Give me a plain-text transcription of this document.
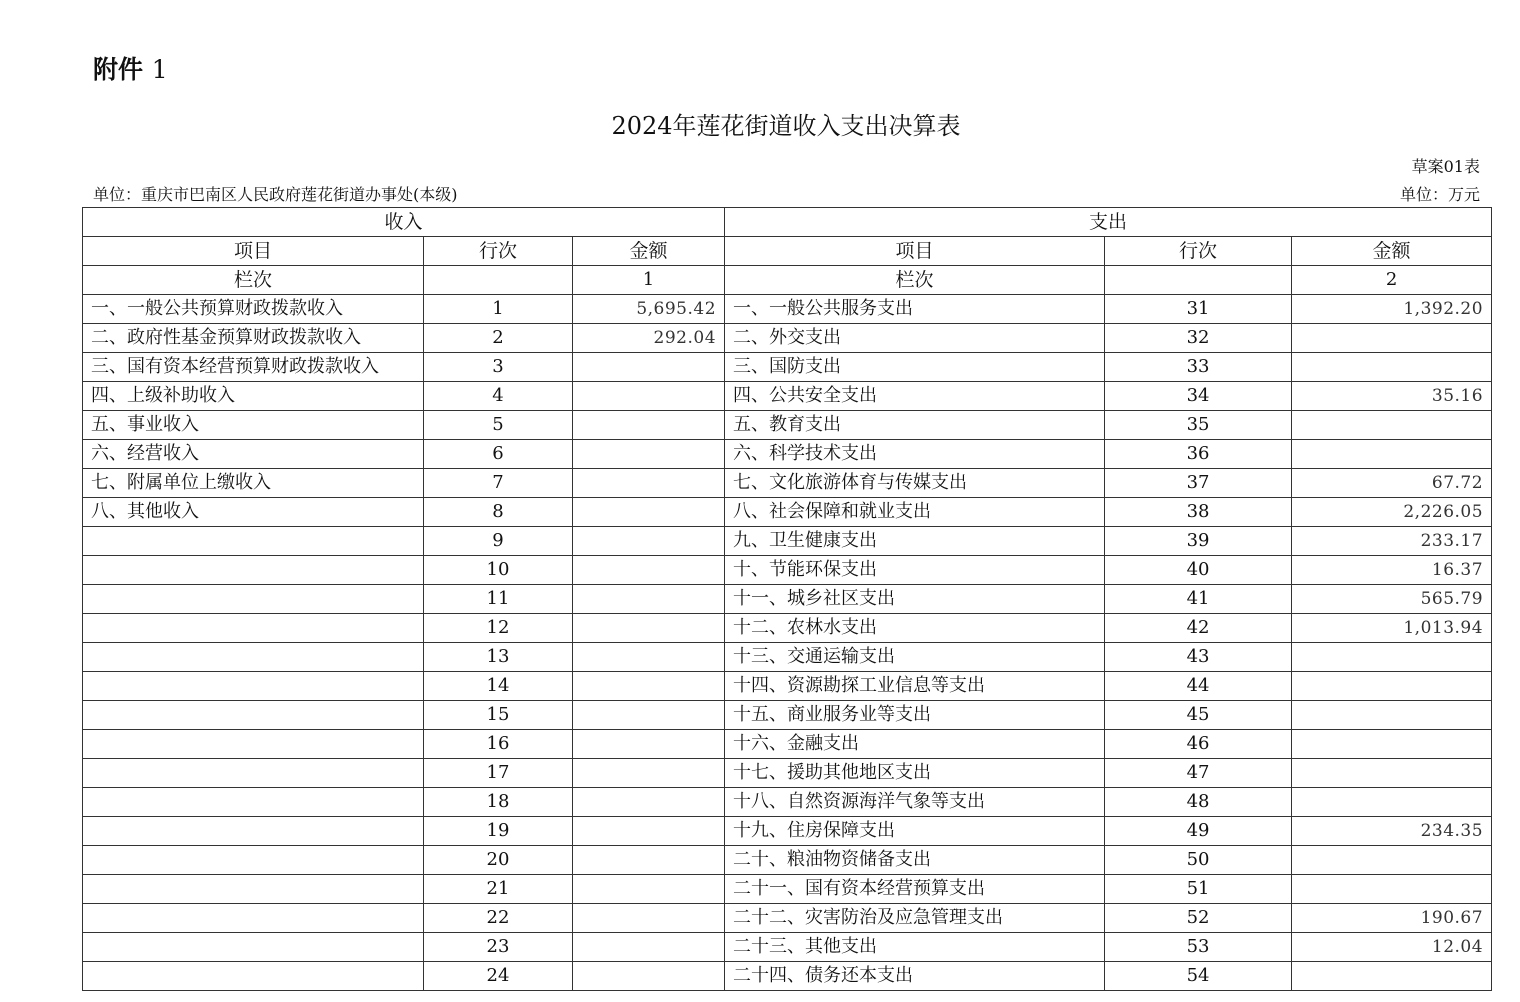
附件 1
2024年莲花街道收入支出决算表
草案01表
单位：重庆市巴南区人民政府莲花街道办事处(本级)	单位：万元
收入			支出		
项目	行次	金额	项目	行次	金额
栏次		1	栏次		2
一、一般公共预算财政拨款收入	1	5,695.42	一、一般公共服务支出	31	1,392.20
二、政府性基金预算财政拨款收入	2	292.04	二、外交支出	32	
三、国有资本经营预算财政拨款收入	3		三、国防支出	33	
四、上级补助收入	4		四、公共安全支出	34	35.16
五、事业收入	5		五、教育支出	35	
六、经营收入	6		六、科学技术支出	36	
七、附属单位上缴收入	7		七、文化旅游体育与传媒支出	37	67.72
八、其他收入	8		八、社会保障和就业支出	38	2,226.05
	9		九、卫生健康支出	39	233.17
	10		十、节能环保支出	40	16.37
	11		十一、城乡社区支出	41	565.79
	12		十二、农林水支出	42	1,013.94
	13		十三、交通运输支出	43	
	14		十四、资源勘探工业信息等支出	44	
	15		十五、商业服务业等支出	45	
	16		十六、金融支出	46	
	17		十七、援助其他地区支出	47	
	18		十八、自然资源海洋气象等支出	48	
	19		十九、住房保障支出	49	234.35
	20		二十、粮油物资储备支出	50	
	21		二十一、国有资本经营预算支出	51	
	22		二十二、灾害防治及应急管理支出	52	190.67
	23		二十三、其他支出	53	12.04
	24		二十四、债务还本支出	54	
